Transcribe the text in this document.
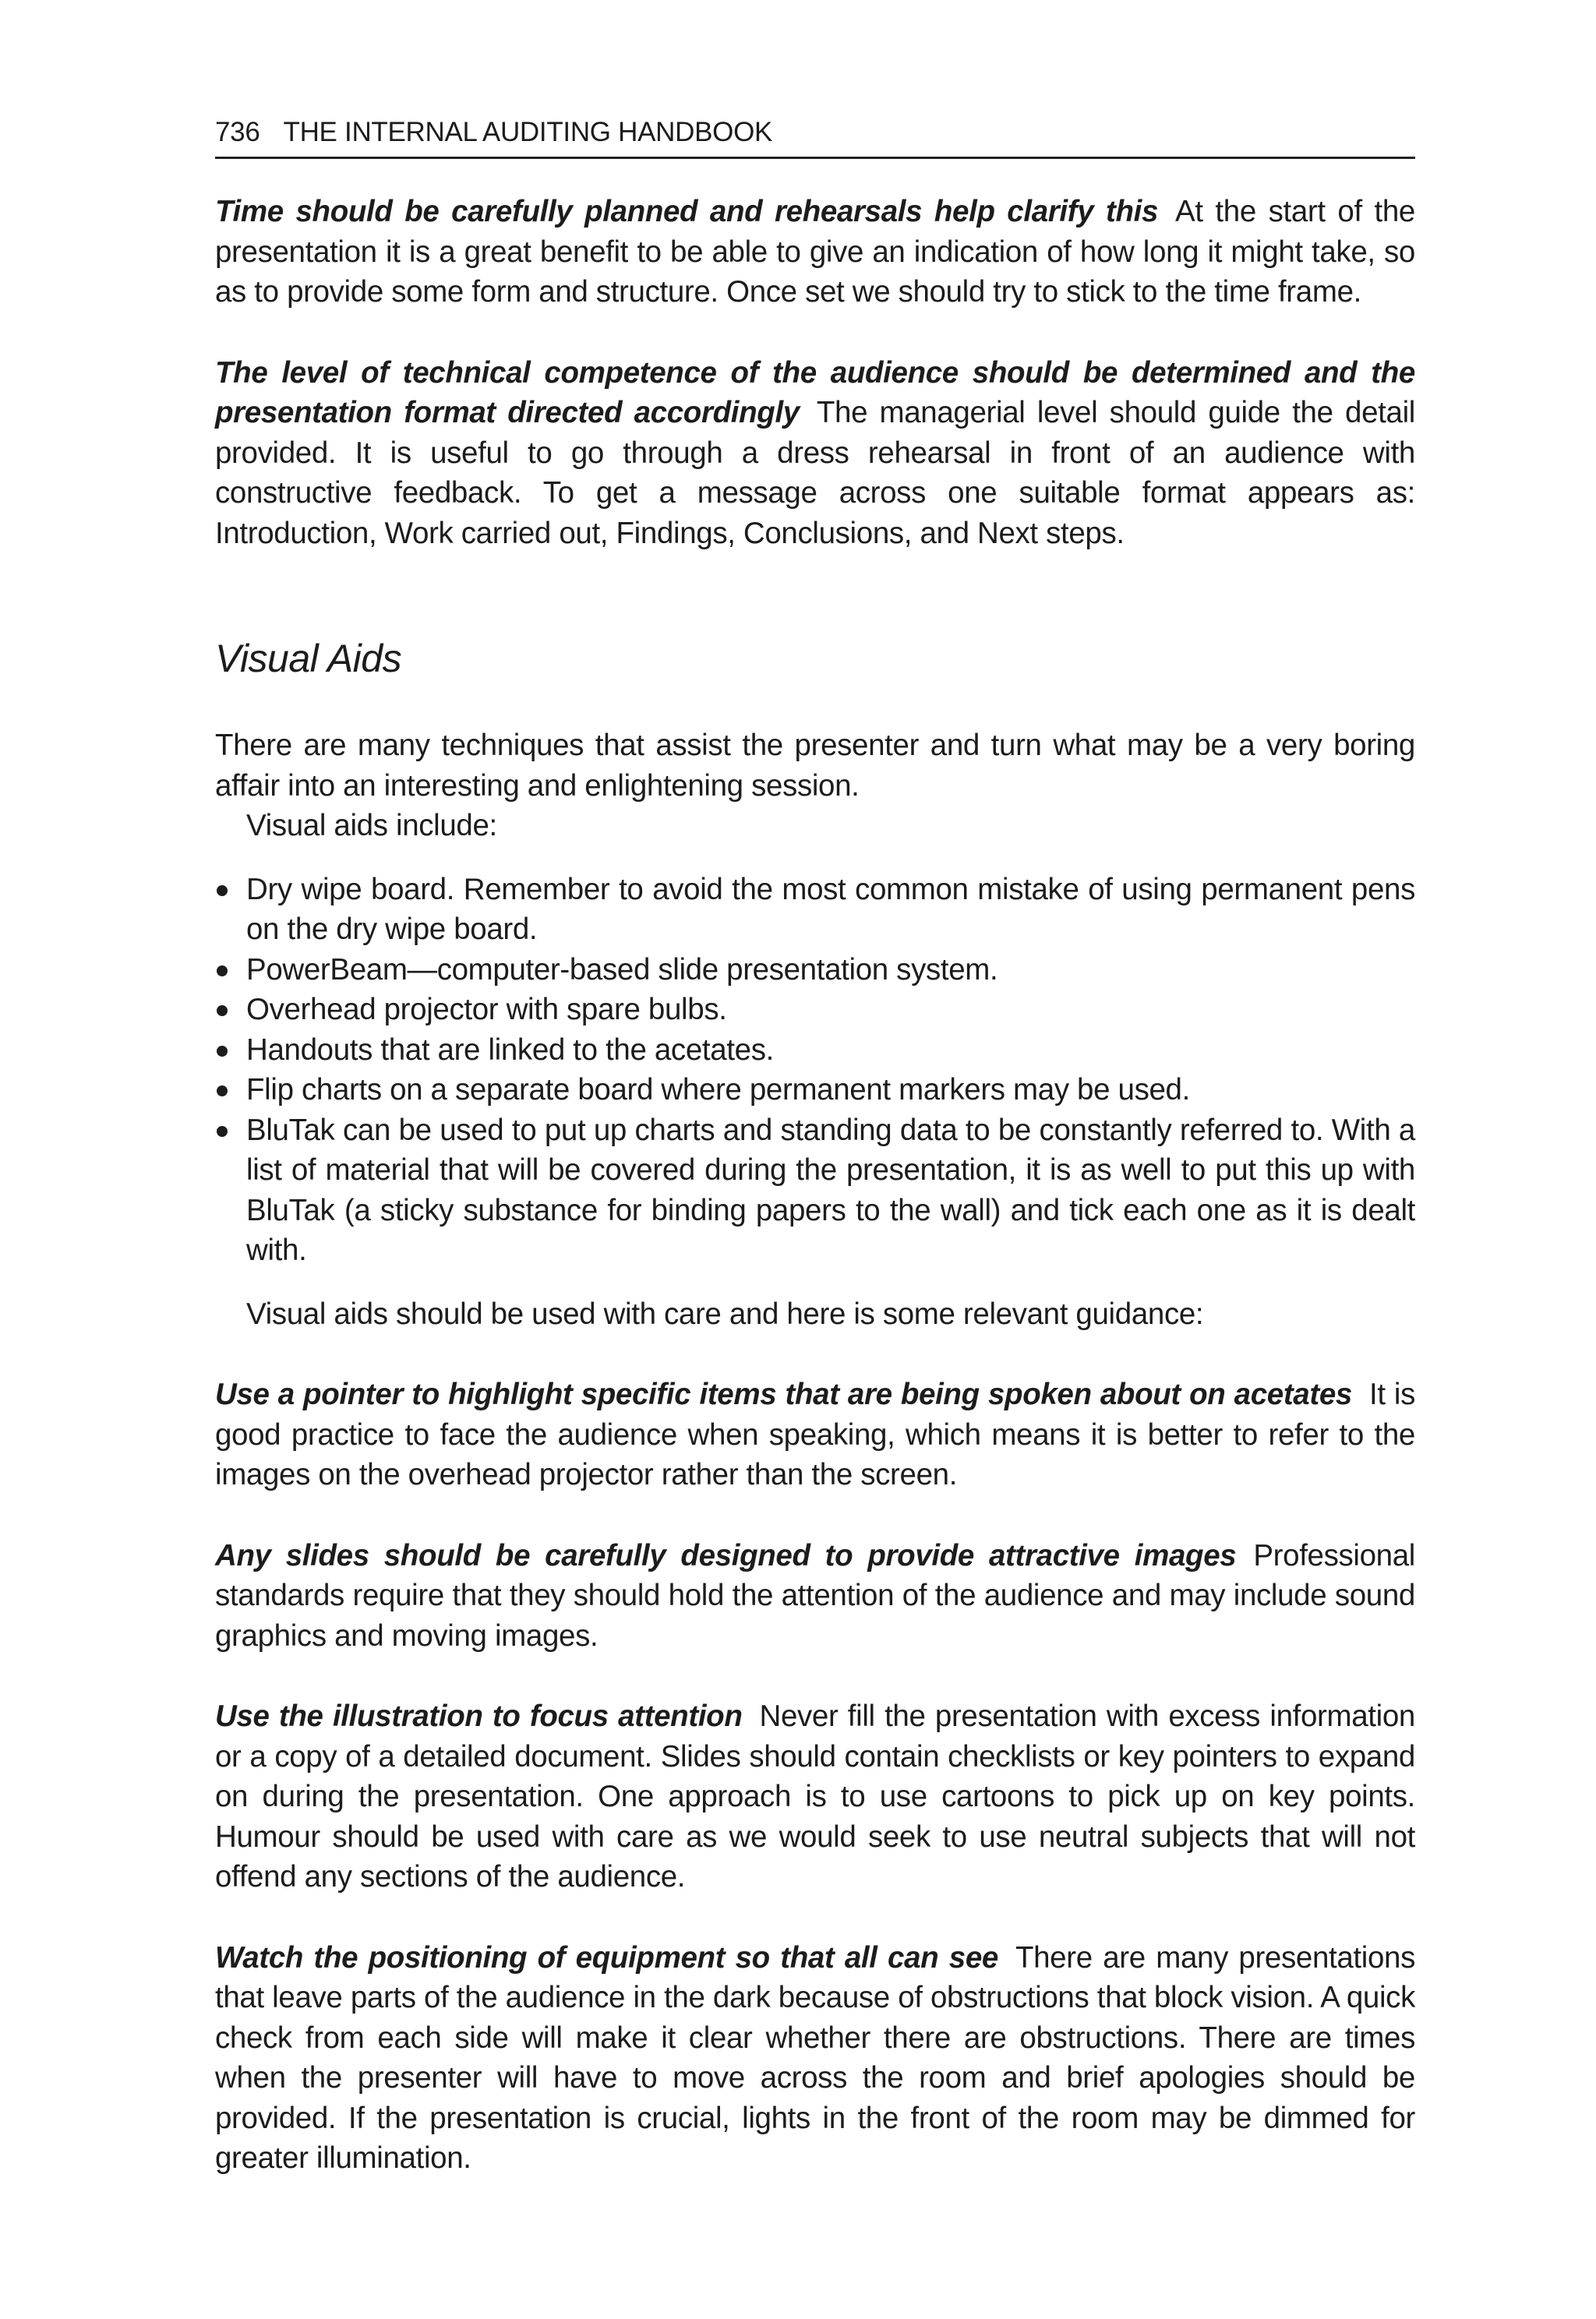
736 THE INTERNAL AUDITING HANDBOOK

Time should be carefully planned and rehearsals help clarify this At the start of the presentation it is a great benefit to be able to give an indication of how long it might take, so as to provide some form and structure. Once set we should try to stick to the time frame.

The level of technical competence of the audience should be determined and the presentation format directed accordingly The managerial level should guide the detail provided. It is useful to go through a dress rehearsal in front of an audience with constructive feedback. To get a message across one suitable format appears as: Introduction, Work carried out, Findings, Conclusions, and Next steps.

Visual Aids

There are many techniques that assist the presenter and turn what may be a very boring affair into an interesting and enlightening session.

Visual aids include:

Dry wipe board. Remember to avoid the most common mistake of using permanent pens on the dry wipe board.
PowerBeam—computer-based slide presentation system.
Overhead projector with spare bulbs.
Handouts that are linked to the acetates.
Flip charts on a separate board where permanent markers may be used.
BluTak can be used to put up charts and standing data to be constantly referred to. With a list of material that will be covered during the presentation, it is as well to put this up with BluTak (a sticky substance for binding papers to the wall) and tick each one as it is dealt with.

Visual aids should be used with care and here is some relevant guidance:

Use a pointer to highlight specific items that are being spoken about on acetates It is good practice to face the audience when speaking, which means it is better to refer to the images on the overhead projector rather than the screen.

Any slides should be carefully designed to provide attractive images Professional standards require that they should hold the attention of the audience and may include sound graphics and moving images.

Use the illustration to focus attention Never fill the presentation with excess information or a copy of a detailed document. Slides should contain checklists or key pointers to expand on during the presentation. One approach is to use cartoons to pick up on key points. Humour should be used with care as we would seek to use neutral subjects that will not offend any sections of the audience.

Watch the positioning of equipment so that all can see There are many presentations that leave parts of the audience in the dark because of obstructions that block vision. A quick check from each side will make it clear whether there are obstructions. There are times when the presenter will have to move across the room and brief apologies should be provided. If the presentation is crucial, lights in the front of the room may be dimmed for greater illumination.
